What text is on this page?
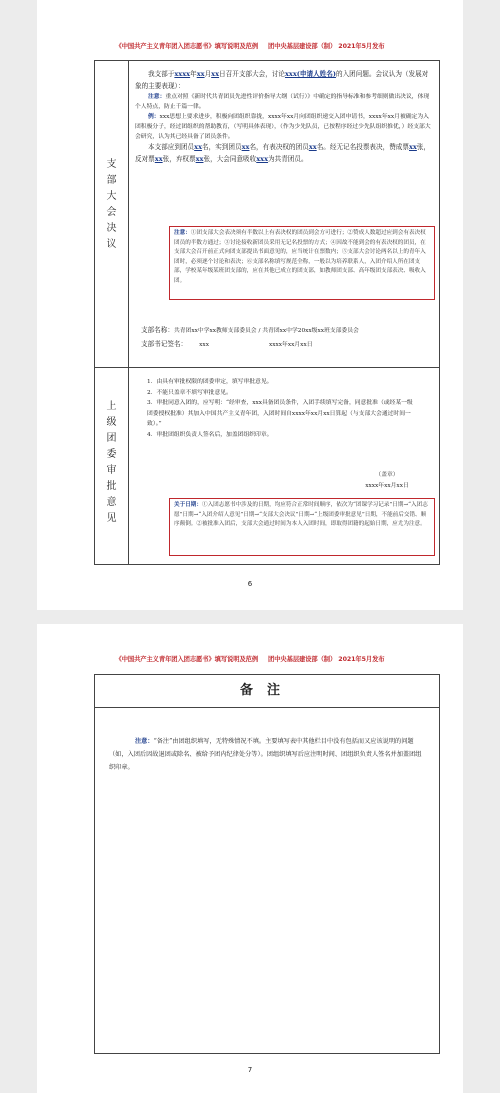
《中国共产主义青年团入团志愿书》填写说明及范例 团中央基层建设部（制） 2021年5月发布
支
部
大
会
决
议

我支部于xxxx年xx月xx日召开支部大会，讨论xxx(申请人姓名)的入团问题。会议认为（发展对象的主要表现）：

注意：重点对照《新时代共青团员先进性评价指导大纲（试行）》中确定的指导标准和参考细则做出决议，体现个人特点，防止千篇一律。

例：xxx思想上要求进步，积极向团组织靠拢，xxxx年xx月向团组织递交入团申请书，xxxx年xx月被确定为入团积极分子，经过团组织的帮助教育，（写明具体表现），（作为少先队员，已按程序经过少先队组织推优，）经支部大会研究，认为其已经具备了团员条件。

本支部应到团员xx名，实到团员xx名，有表决权的团员xx名。经无记名投票表决，赞成票xx张，反对票xx张，弃权票xx张，大会同意吸收xxx为共青团员。

注意：①团支部大会表决须有半数以上有表决权的团员到会方可进行；②赞成人数超过应到会有表决权团员的半数方通过；③讨论接收新团员采用无记名投票的方式；④因故不能到会的有表决权的团员，在支部大会召开前正式向团支部提出书面意见的，应当统计在票数内；⑤支部大会讨论两名以上的青年入团时，必须逐个讨论和表决；⑥支部名称填写规范全称，一般以为培养联系人，入团介绍人所在团支部，学校某年级某班团支部的，应在其他已成立的团支部，如教师团支部、高年级团支部表决、吸收入团。

支部名称：共青团xx中学xx教师支部委员会 / 共青团xx中学20xx级xx班支部委员会

支部书记签名： xxx	xxxx年xx月xx日

上
级
团
委
审
批
意
见

1．由具有审批权限的团委审定，填写审批意见。

2．不能只盖章不填写审批意见。

3．审批同意入团的，应写明：“经审查，xxx具备团员条件，入团手续填写完备，同意批准（或经某一级团委授权批准）其加入中国共产主义青年团，入团时间自xxxx年xx月xx日算起（与支部大会通过时间一致）。”

4．审批团组织负责人签名后，加盖团组织印章。

（盖章）

xxxx年xx月xx日

关于日期：①入团志愿书中涉及的日期，均应符合正常时间顺序，依次为“团课学习记录”日期→“入团志愿”日期→“入团介绍人意见”日期→“支部大会决议”日期→“上级团委审批意见”日期，不能前后交错、顺序颠倒。②被批准入团后，支部大会通过时间为本人入团时间，即取得团籍的起始日期，应尤为注意。
6
《中国共产主义青年团入团志愿书》填写说明及范例 团中央基层建设部（制） 2021年5月发布
备注
注意：“备注”由团组织填写，无特殊情况不填。主要填写表中其他栏目中没有包括而又应该说明的问题（如，入团后因故退团或除名、被给予团内纪律处分等）。团组织填写后应注明时间、团组织负责人签名并加盖团组织印章。
7
